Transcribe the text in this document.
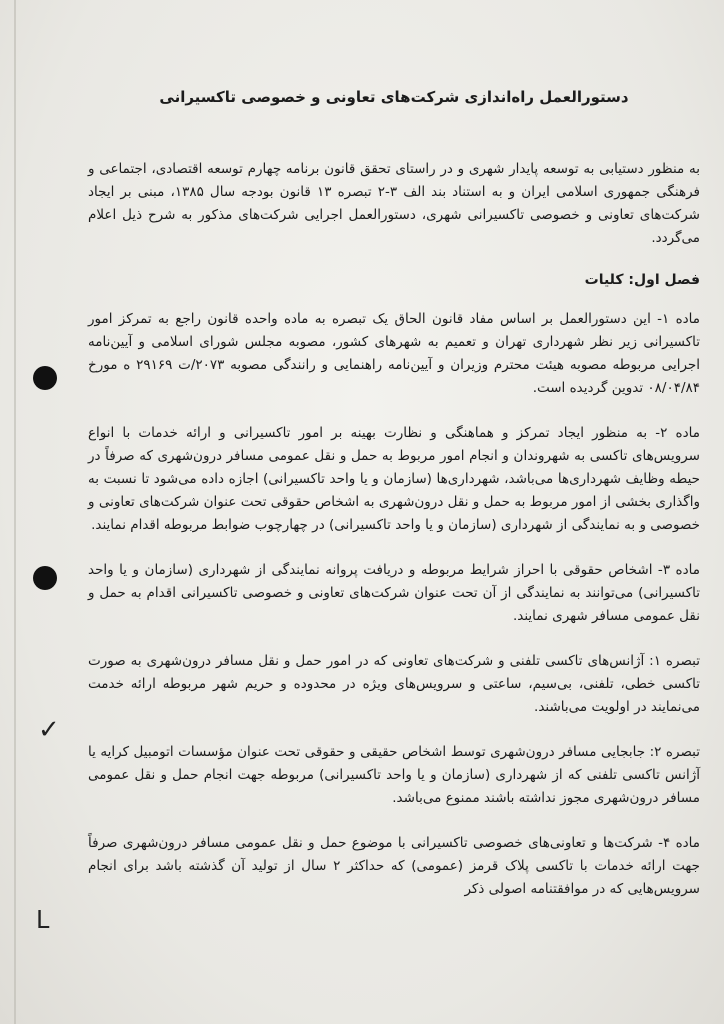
✓
ᒪ
دستورالعمل راه‌اندازی شرکت‌های تعاونی و خصوصی تاکسیرانی

به منظور دستیابی به توسعه پایدار شهری و در راستای تحقق قانون برنامه چهارم توسعه اقتصادی، اجتماعی و فرهنگی جمهوری اسلامی ایران و به استناد بند الف ۳-۲ تبصره ۱۳ قانون بودجه سال ۱۳۸۵، مبنی بر ایجاد شرکت‌های تعاونی و خصوصی تاکسیرانی شهری، دستورالعمل اجرایی شرکت‌های مذکور به شرح ذیل اعلام می‌گردد.

فصل اول: کلیات

ماده ۱- این دستورالعمل بر اساس مفاد قانون الحاق یک تبصره به ماده واحده قانون راجع به تمرکز امور تاکسیرانی زیر نظر شهرداری تهران و تعمیم به شهرهای کشور، مصوبه مجلس شورای اسلامی و آیین‌نامه اجرایی مربوطه مصوبه هیئت محترم وزیران و آیین‌نامه راهنمایی و رانندگی مصوبه ۲۰۷۳/ت ۲۹۱۶۹ ه مورخ ۰۸/۰۴/۸۴ تدوین گردیده است.

ماده ۲- به منظور ایجاد تمرکز و هماهنگی و نظارت بهینه بر امور تاکسیرانی و ارائه خدمات با انواع سرویس‌های تاکسی به شهروندان و انجام امور مربوط به حمل و نقل عمومی مسافر درون‌شهری که صرفاً در حیطه وظایف شهرداری‌ها می‌باشد، شهرداری‌ها (سازمان و یا واحد تاکسیرانی) اجازه داده می‌شود تا نسبت به واگذاری بخشی از امور مربوط به حمل و نقل درون‌شهری به اشخاص حقوقی تحت عنوان شرکت‌های تعاونی و خصوصی و به نمایندگی از شهرداری (سازمان و یا واحد تاکسیرانی) در چهارچوب ضوابط مربوطه اقدام نمایند.

ماده ۳- اشخاص حقوقی با احراز شرایط مربوطه و دریافت پروانه نمایندگی از شهرداری (سازمان و یا واحد تاکسیرانی) می‌توانند به نمایندگی از آن تحت عنوان شرکت‌های تعاونی و خصوصی تاکسیرانی اقدام به حمل و نقل عمومی مسافر شهری نمایند.

تبصره ۱: آژانس‌های تاکسی تلفنی و شرکت‌های تعاونی که در امور حمل و نقل مسافر درون‌شهری به صورت تاکسی خطی، تلفنی، بی‌سیم، ساعتی و سرویس‌های ویژه در محدوده و حریم شهر مربوطه ارائه خدمت می‌نمایند در اولویت می‌باشند.

تبصره ۲: جابجایی مسافر درون‌شهری توسط اشخاص حقیقی و حقوقی تحت عنوان مؤسسات اتومبیل کرایه یا آژانس تاکسی تلفنی که از شهرداری (سازمان و یا واحد تاکسیرانی) مربوطه جهت انجام حمل و نقل عمومی مسافر درون‌شهری مجوز نداشته باشند ممنوع می‌باشد.

ماده ۴- شرکت‌ها و تعاونی‌های خصوصی تاکسیرانی با موضوع حمل و نقل عمومی مسافر درون‌شهری صرفاً جهت ارائه خدمات با تاکسی پلاک قرمز (عمومی) که حداکثر ۲ سال از تولید آن گذشته باشد برای انجام سرویس‌هایی که در موافقتنامه اصولی ذکر
